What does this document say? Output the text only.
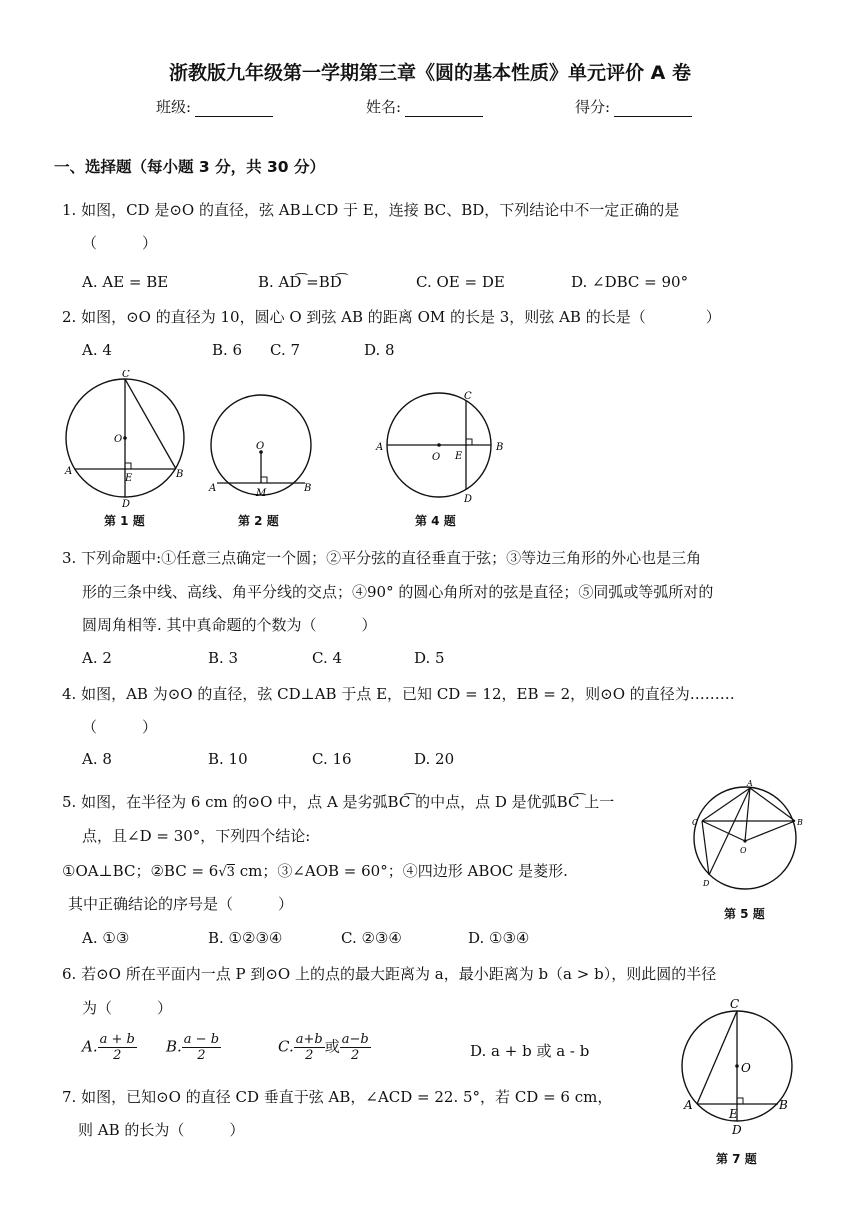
浙教版九年级第一学期第三章《圆的基本性质》单元评价 A 卷
班级:	姓名:	得分:
一、选择题（每小题 3 分，共 30 分）
1. 如图，CD 是⊙O 的直径，弦 AB⊥CD 于 E，连接 BC、BD，下列结论中不一定正确的是
（　　　）
A. AE = BE	B. AD͡ =BD͡	C. OE = DE	D. ∠DBC = 90°
2. 如图，⊙O 的直径为 10，圆心 O 到弦 AB 的距离 OM 的长是 3，则弦 AB 的长是（　　　　）
A. 4	B. 6 C. 7	D. 8
C
O
A	B
E
D
第 1 题
O
A	B
M
第 2 题
C
A	B
O E
D
第 4 题
3. 下列命题中:①任意三点确定一个圆；②平分弦的直径垂直于弦；③等边三角形的外心也是三角
形的三条中线、高线、角平分线的交点；④90° 的圆心角所对的弦是直径；⑤同弧或等弧所对的
圆周角相等. 其中真命题的个数为（　　　）
A. 2	B. 3	C. 4	D. 5
4. 如图，AB 为⊙O 的直径，弦 CD⊥AB 于点 E，已知 CD = 12，EB = 2，则⊙O 的直径为………
（　　　）
A. 8	B. 10	C. 16	D. 20
5. 如图，在半径为 6 cm 的⊙O 中，点 A 是劣弧BC͡ 的中点，点 D 是优弧BC͡ 上一
点，且∠D = 30°，下列四个结论:
①OA⊥BC；②BC = 6√3 cm；③∠AOB = 60°；④四边形 ABOC 是菱形.
其中正确结论的序号是（　　　）
A. ①③	B. ①②③④	C. ②③④	D. ①③④
A
C	B
O
D
第 5 题
6. 若⊙O 所在平面内一点 P 到⊙O 上的点的最大距离为 a，最小距离为 b（a > b），则此圆的半径
为（　　　）
A. $\frac{a + b}{2} B$. $\frac{a - b}{2}$	C. $\frac{a+b}{2}$ 或 $\frac{a-b}{2}$	D. a + b 或 a - b
C
O
A	B
E
D
第 7 题
7. 如图，已知⊙O 的直径 CD 垂直于弦 AB，∠ACD = 22. 5°，若 CD = 6 cm，
则 AB 的长为（　　　）
